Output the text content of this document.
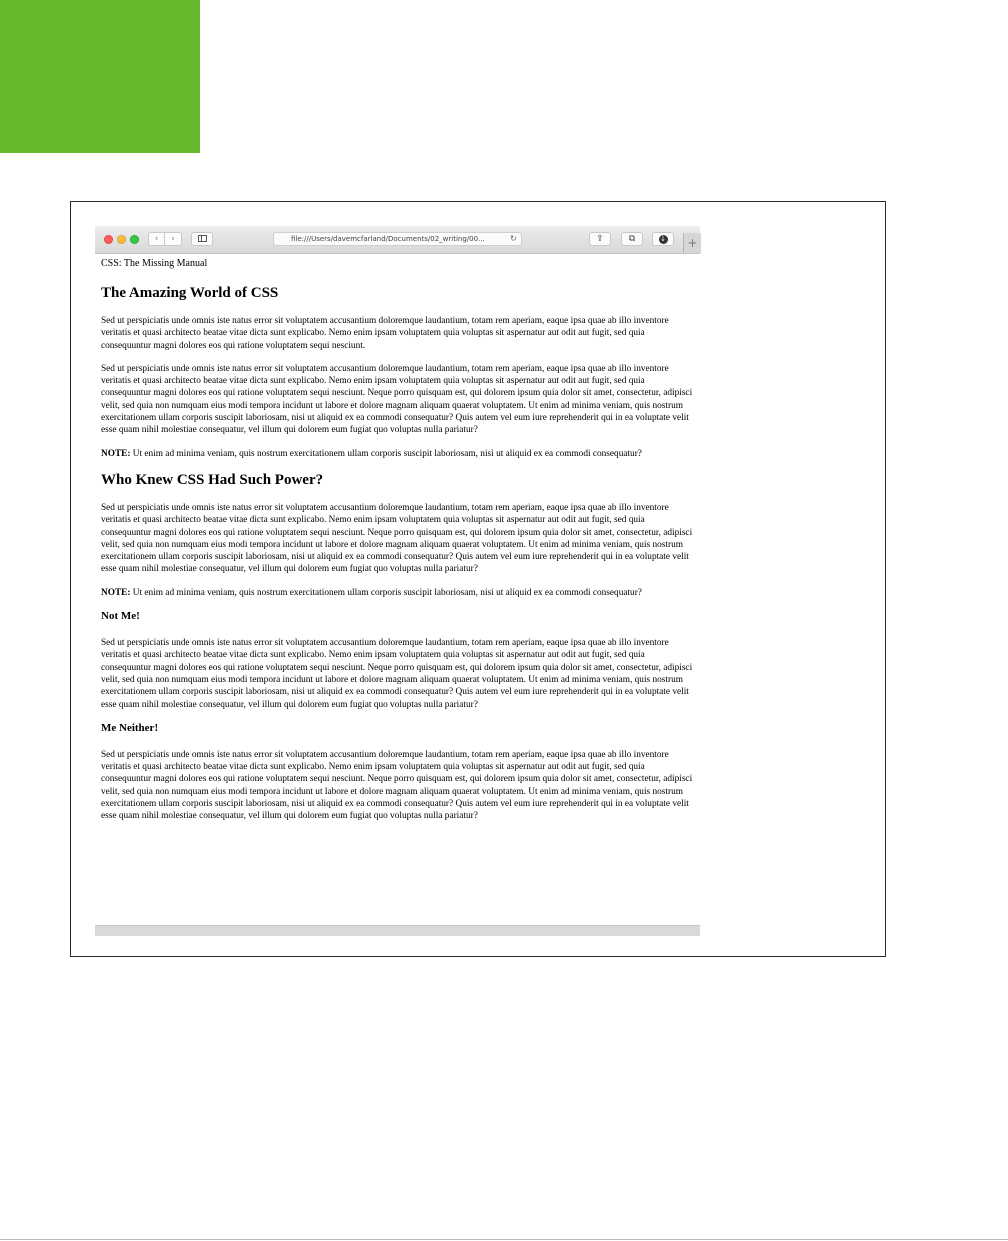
‹	›	file:///Users/davemcfarland/Documents/02_writing/00...	↻	⇪	⧉	↓	+
CSS: The Missing Manual
The Amazing World of CSS

Sed ut perspiciatis unde omnis iste natus error sit voluptatem accusantium doloremque laudantium, totam rem aperiam, eaque ipsa quae ab illo inventore veritatis et quasi architecto beatae vitae dicta sunt explicabo. Nemo enim ipsam voluptatem quia voluptas sit aspernatur aut odit aut fugit, sed quia consequuntur magni dolores eos qui ratione voluptatem sequi nesciunt.

Sed ut perspiciatis unde omnis iste natus error sit voluptatem accusantium doloremque laudantium, totam rem aperiam, eaque ipsa quae ab illo inventore veritatis et quasi architecto beatae vitae dicta sunt explicabo. Nemo enim ipsam voluptatem quia voluptas sit aspernatur aut odit aut fugit, sed quia consequuntur magni dolores eos qui ratione voluptatem sequi nesciunt. Neque porro quisquam est, qui dolorem ipsum quia dolor sit amet, consectetur, adipisci velit, sed quia non numquam eius modi tempora incidunt ut labore et dolore magnam aliquam quaerat voluptatem. Ut enim ad minima veniam, quis nostrum exercitationem ullam corporis suscipit laboriosam, nisi ut aliquid ex ea commodi consequatur? Quis autem vel eum iure reprehenderit qui in ea voluptate velit esse quam nihil molestiae consequatur, vel illum qui dolorem eum fugiat quo voluptas nulla pariatur?

NOTE: Ut enim ad minima veniam, quis nostrum exercitationem ullam corporis suscipit laboriosam, nisi ut aliquid ex ea commodi consequatur?

Who Knew CSS Had Such Power?

Sed ut perspiciatis unde omnis iste natus error sit voluptatem accusantium doloremque laudantium, totam rem aperiam, eaque ipsa quae ab illo inventore veritatis et quasi architecto beatae vitae dicta sunt explicabo. Nemo enim ipsam voluptatem quia voluptas sit aspernatur aut odit aut fugit, sed quia consequuntur magni dolores eos qui ratione voluptatem sequi nesciunt. Neque porro quisquam est, qui dolorem ipsum quia dolor sit amet, consectetur, adipisci velit, sed quia non numquam eius modi tempora incidunt ut labore et dolore magnam aliquam quaerat voluptatem. Ut enim ad minima veniam, quis nostrum exercitationem ullam corporis suscipit laboriosam, nisi ut aliquid ex ea commodi consequatur? Quis autem vel eum iure reprehenderit qui in ea voluptate velit esse quam nihil molestiae consequatur, vel illum qui dolorem eum fugiat quo voluptas nulla pariatur?

NOTE: Ut enim ad minima veniam, quis nostrum exercitationem ullam corporis suscipit laboriosam, nisi ut aliquid ex ea commodi consequatur?

Not Me!

Sed ut perspiciatis unde omnis iste natus error sit voluptatem accusantium doloremque laudantium, totam rem aperiam, eaque ipsa quae ab illo inventore veritatis et quasi architecto beatae vitae dicta sunt explicabo. Nemo enim ipsam voluptatem quia voluptas sit aspernatur aut odit aut fugit, sed quia consequuntur magni dolores eos qui ratione voluptatem sequi nesciunt. Neque porro quisquam est, qui dolorem ipsum quia dolor sit amet, consectetur, adipisci velit, sed quia non numquam eius modi tempora incidunt ut labore et dolore magnam aliquam quaerat voluptatem. Ut enim ad minima veniam, quis nostrum exercitationem ullam corporis suscipit laboriosam, nisi ut aliquid ex ea commodi consequatur? Quis autem vel eum iure reprehenderit qui in ea voluptate velit esse quam nihil molestiae consequatur, vel illum qui dolorem eum fugiat quo voluptas nulla pariatur?

Me Neither!

Sed ut perspiciatis unde omnis iste natus error sit voluptatem accusantium doloremque laudantium, totam rem aperiam, eaque ipsa quae ab illo inventore veritatis et quasi architecto beatae vitae dicta sunt explicabo. Nemo enim ipsam voluptatem quia voluptas sit aspernatur aut odit aut fugit, sed quia consequuntur magni dolores eos qui ratione voluptatem sequi nesciunt. Neque porro quisquam est, qui dolorem ipsum quia dolor sit amet, consectetur, adipisci velit, sed quia non numquam eius modi tempora incidunt ut labore et dolore magnam aliquam quaerat voluptatem. Ut enim ad minima veniam, quis nostrum exercitationem ullam corporis suscipit laboriosam, nisi ut aliquid ex ea commodi consequatur? Quis autem vel eum iure reprehenderit qui in ea voluptate velit esse quam nihil molestiae consequatur, vel illum qui dolorem eum fugiat quo voluptas nulla pariatur?
